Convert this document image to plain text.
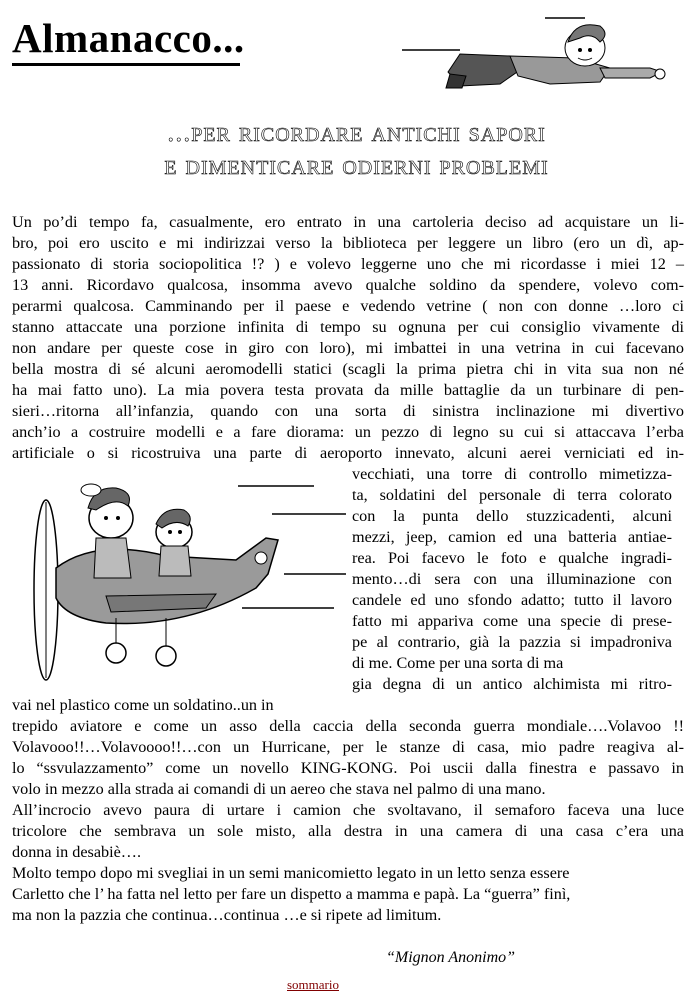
Almanacco...
...per ricordare antichi sapori
e dimenticare odierni problemi
Un po’di tempo fa, casualmente, ero entrato in una cartoleria deciso ad acquistare un li-
bro, poi ero uscito e mi indirizzai verso la biblioteca per leggere un libro (ero un dì, ap-
passionato di storia sociopolitica !? ) e volevo leggerne uno che mi ricordasse i miei 12 –
13 anni. Ricordavo qualcosa, insomma avevo qualche soldino da spendere, volevo com-
perarmi qualcosa. Camminando per il paese e vedendo vetrine ( non con donne …loro ci
stanno attaccate una porzione infinita di tempo su ognuna per cui consiglio vivamente di
non andare per queste cose in giro con loro), mi imbattei in una vetrina in cui facevano
bella mostra di sé alcuni aeromodelli statici (scagli la prima pietra chi in vita sua non né
ha mai fatto uno). La mia povera testa provata da mille battaglie da un turbinare di pen-
sieri…ritorna all’infanzia, quando con una sorta di sinistra inclinazione mi divertivo
anch’io a costruire modelli e a fare diorama: un pezzo di legno su cui si attaccava l’erba
artificiale o si ricostruiva una parte di aeroporto innevato, alcuni aerei verniciati ed in-
vecchiati, una torre di controllo mimetizza-
ta, soldatini del personale di terra colorato
con la punta dello stuzzicadenti, alcuni
mezzi, jeep, camion ed una batteria antiae-
rea. Poi facevo le foto e qualche ingradi-
mento…di sera con una illuminazione con
candele ed uno sfondo adatto; tutto il lavoro
fatto mi appariva come una specie di prese-
pe al contrario, già la pazzia si impadroniva
di me. Come per una sorta di ma
gia degna di un antico alchimista mi ritro-
vai nel plastico come un soldatino..un in
trepido aviatore e come un asso della caccia della seconda guerra mondiale….Volavoo !!
Volavooo!!…Volavoooo!!…con un Hurricane, per le stanze di casa, mio padre reagiva al-
lo “ssvulazzamento” come un novello KING-KONG. Poi uscii dalla finestra e passavo in
volo in mezzo alla strada ai comandi di un aereo che stava nel palmo di una mano.
All’incrocio avevo paura di urtare i camion che svoltavano, il semaforo faceva una luce
tricolore che sembrava un sole misto, alla destra in una camera di una casa c’era una
donna in desabiè….
Molto tempo dopo mi svegliai in un semi manicomietto legato in un letto senza essere
Carletto che l’ ha fatta nel letto per fare un dispetto a mamma e papà. La “guerra” finì,
ma non la pazzia che continua…continua …e si ripete ad limitum.
“Mignon Anonimo”
sommario
